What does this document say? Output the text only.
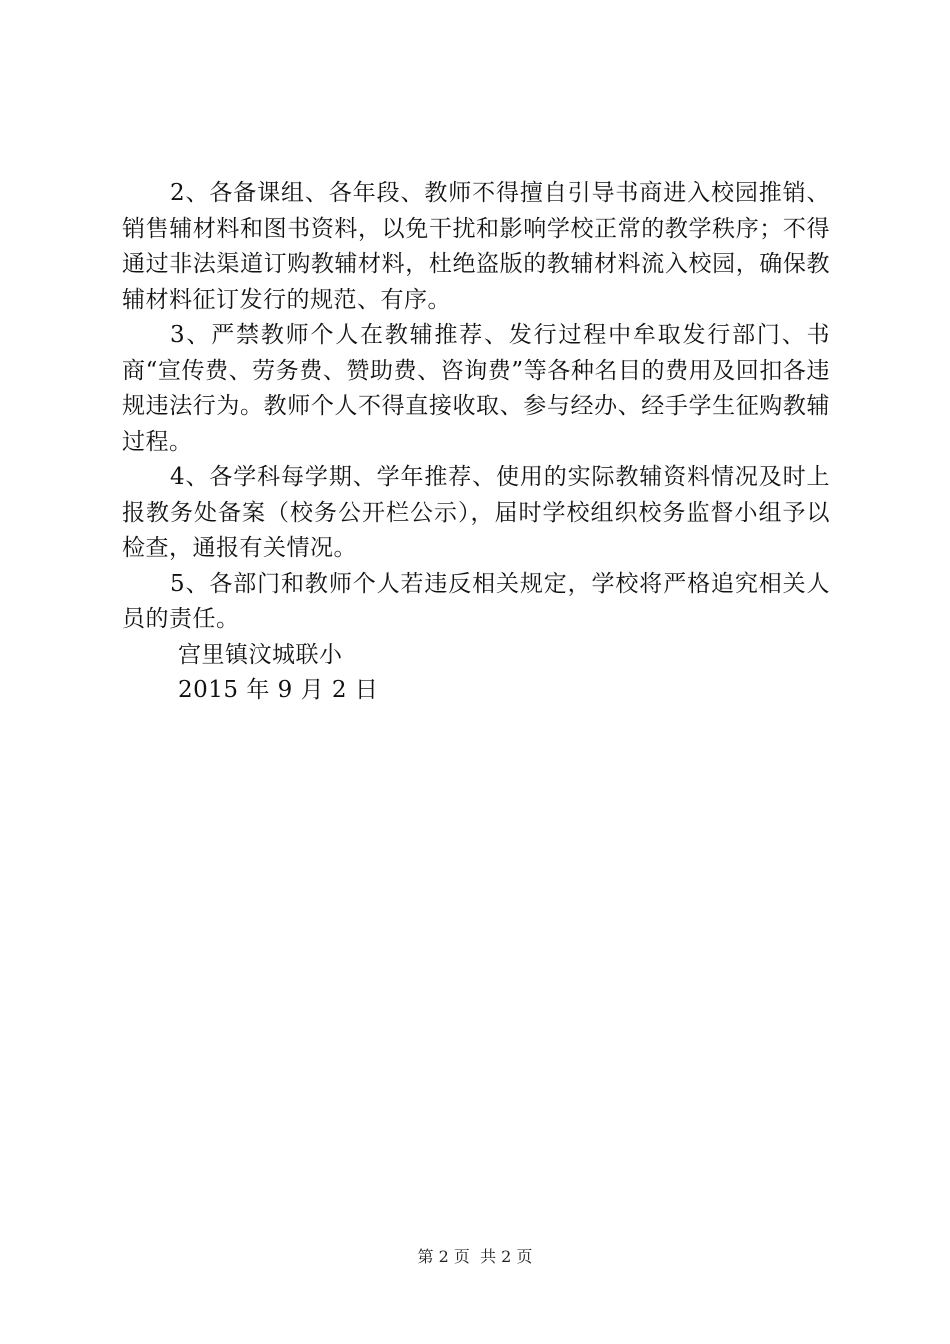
2、各备课组、各年段、教师不得擅自引导书商进入校园推销、销售辅材料和图书资料，以免干扰和影响学校正常的教学秩序；不得通过非法渠道订购教辅材料，杜绝盗版的教辅材料流入校园，确保教辅材料征订发行的规范、有序。

3、严禁教师个人在教辅推荐、发行过程中牟取发行部门、书商“宣传费、劳务费、赞助费、咨询费”等各种名目的费用及回扣各违规违法行为。教师个人不得直接收取、参与经办、经手学生征购教辅过程。

4、各学科每学期、学年推荐、使用的实际教辅资料情况及时上报教务处备案（校务公开栏公示），届时学校组织校务监督小组予以检查，通报有关情况。

5、各部门和教师个人若违反相关规定，学校将严格追究相关人员的责任。

宫里镇汶城联小

2015 年 9 月 2 日

第 2 页  共 2 页
